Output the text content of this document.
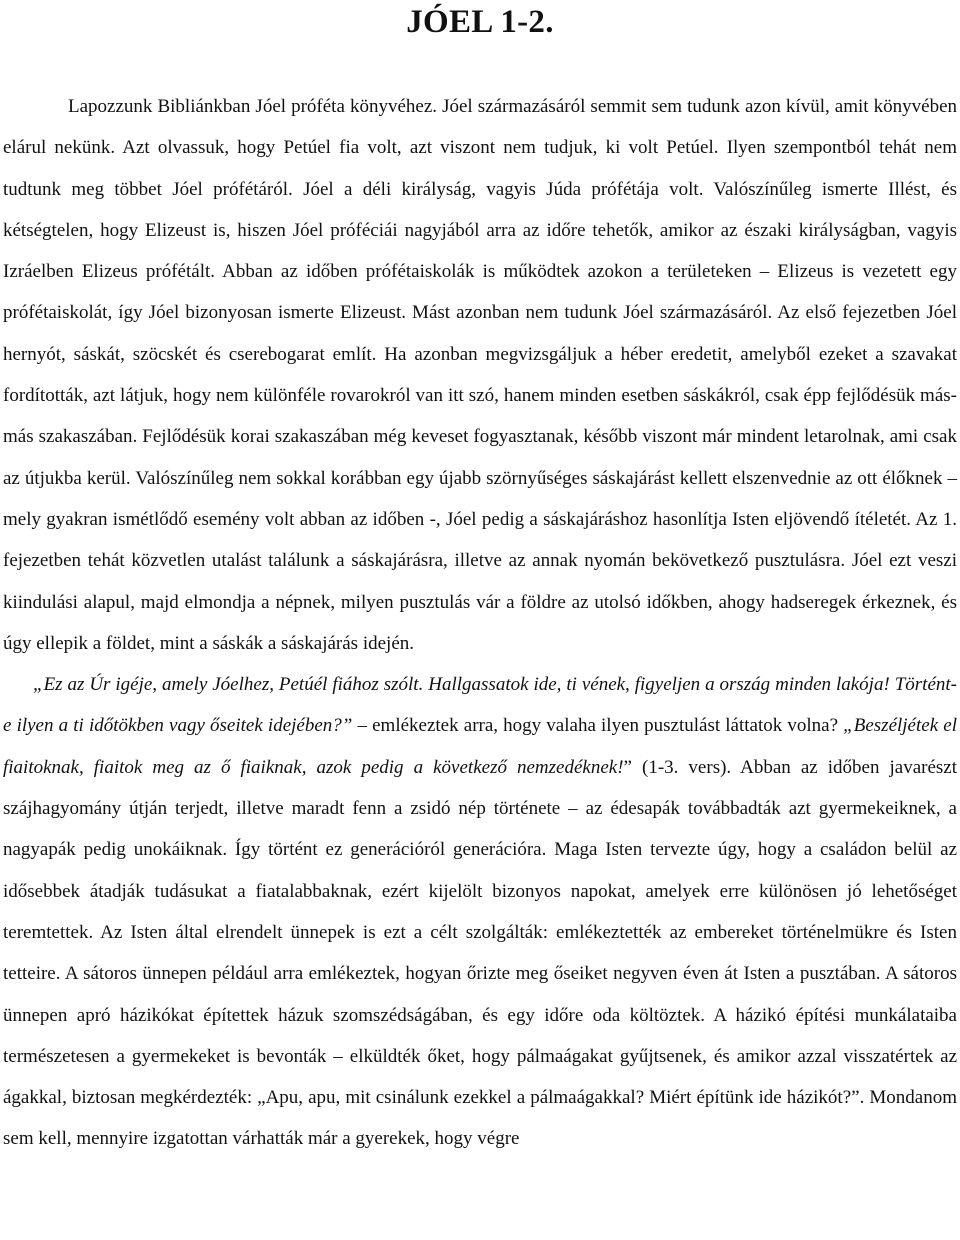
JÓEL 1-2.

Lapozzunk Bibliánkban Jóel próféta könyvéhez. Jóel származásáról semmit sem tudunk azon kívül, amit könyvében elárul nekünk. Azt olvassuk, hogy Petúel fia volt, azt viszont nem tudjuk, ki volt Petúel. Ilyen szempontból tehát nem tudtunk meg többet Jóel prófétáról. Jóel a déli királyság, vagyis Júda prófétája volt. Valószínűleg ismerte Illést, és kétségtelen, hogy Elizeust is, hiszen Jóel próféciái nagyjából arra az időre tehetők, amikor az északi királyságban, vagyis Izráelben Elizeus prófétált. Abban az időben prófétaiskolák is működtek azokon a területeken – Elizeus is vezetett egy prófétaiskolát, így Jóel bizonyosan ismerte Elizeust. Mást azonban nem tudunk Jóel származásáról. Az első fejezetben Jóel hernyót, sáskát, szöcskét és cserebogarat említ. Ha azonban megvizsgáljuk a héber eredetit, amelyből ezeket a szavakat fordították, azt látjuk, hogy nem különféle rovarokról van itt szó, hanem minden esetben sáskákról, csak épp fejlődésük más-más szakaszában. Fejlődésük korai szakaszában még keveset fogyasztanak, később viszont már mindent letarolnak, ami csak az útjukba kerül. Valószínűleg nem sokkal korábban egy újabb szörnyűséges sáskajárást kellett elszenvednie az ott élőknek – mely gyakran ismétlődő esemény volt abban az időben -, Jóel pedig a sáskajáráshoz hasonlítja Isten eljövendő ítéletét. Az 1. fejezetben tehát közvetlen utalást találunk a sáskajárásra, illetve az annak nyomán bekövetkező pusztulásra. Jóel ezt veszi kiindulási alapul, majd elmondja a népnek, milyen pusztulás vár a földre az utolsó időkben, ahogy hadseregek érkeznek, és úgy ellepik a földet, mint a sáskák a sáskajárás idején.

„Ez az Úr igéje, amely Jóelhez, Petúél fiához szólt. Hallgassatok ide, ti vének, figyeljen a ország minden lakója! Történt-e ilyen a ti időtökben vagy őseitek idejében?” – emlékeztek arra, hogy valaha ilyen pusztulást láttatok volna? „Beszéljétek el fiaitoknak, fiaitok meg az ő fiaiknak, azok pedig a következő nemzedéknek!” (1-3. vers). Abban az időben javarészt szájhagyomány útján terjedt, illetve maradt fenn a zsidó nép története – az édesapák továbbadták azt gyermekeiknek, a nagyapák pedig unokáiknak. Így történt ez generációról generációra. Maga Isten tervezte úgy, hogy a családon belül az idősebbek átadják tudásukat a fiatalabbaknak, ezért kijelölt bizonyos napokat, amelyek erre különösen jó lehetőséget teremtettek. Az Isten által elrendelt ünnepek is ezt a célt szolgálták: emlékeztették az embereket történelmükre és Isten tetteire. A sátoros ünnepen például arra emlékeztek, hogyan őrizte meg őseiket negyven éven át Isten a pusztában. A sátoros ünnepen apró házikókat építettek házuk szomszédságában, és egy időre oda költöztek. A házikó építési munkálataiba természetesen a gyermekeket is bevonták – elküldték őket, hogy pálmaágakat gyűjtsenek, és amikor azzal visszatértek az ágakkal, biztosan megkérdezték: „Apu, apu, mit csinálunk ezekkel a pálmaágakkal? Miért építünk ide házikót?”. Mondanom sem kell, mennyire izgatottan várhatták már a gyerekek, hogy végre
